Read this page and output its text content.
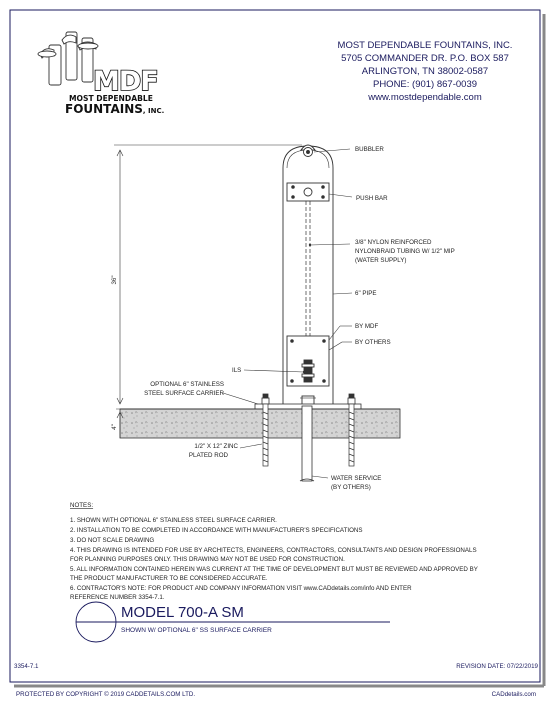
MDF
MOST DEPENDABLE
FOUNTAINS, INC.
MOST DEPENDABLE FOUNTAINS, INC.
5705 COMMANDER DR. P.O. BOX 587
ARLINGTON, TN 38002-0587
PHONE: (901) 867-0039
www.mostdependable.com
36"
4"
BUBBLER
PUSH BAR
3/8" NYLON REINFORCED
NYLONBRAID TUBING W/ 1/2" MIP
(WATER SUPPLY)
6" PIPE
BY MDF
BY OTHERS
ILS
OPTIONAL 6" STAINLESS
STEEL SURFACE CARRIER
1/2" X 12" ZINC
PLATED ROD
WATER SERVICE
(BY OTHERS)
NOTES:
1. SHOWN WITH OPTIONAL 6" STAINLESS STEEL SURFACE CARRIER.
2. INSTALLATION TO BE COMPLETED IN ACCORDANCE WITH MANUFACTURER'S SPECIFICATIONS
3. DO NOT SCALE DRAWING
4. THIS DRAWING IS INTENDED FOR USE BY ARCHITECTS, ENGINEERS, CONTRACTORS, CONSULTANTS AND DESIGN PROFESSIONALS
FOR PLANNING PURPOSES ONLY. THIS DRAWING MAY NOT BE USED FOR CONSTRUCTION.
5. ALL INFORMATION CONTAINED HEREIN WAS CURRENT AT THE TIME OF DEVELOPMENT BUT MUST BE REVIEWED AND APPROVED BY
THE PRODUCT MANUFACTURER TO BE CONSIDERED ACCURATE.
6. CONTRACTOR'S NOTE: FOR PRODUCT AND COMPANY INFORMATION VISIT www.CADdetails.com/info AND ENTER
REFERENCE NUMBER 3354-7.1.
MODEL 700-A SM
SHOWN W/ OPTIONAL 6" SS SURFACE CARRIER
3354-7.1	REVISION DATE: 07/22/2019
PROTECTED BY COPYRIGHT © 2019 CADDETAILS.COM LTD.	CADdetails.com
